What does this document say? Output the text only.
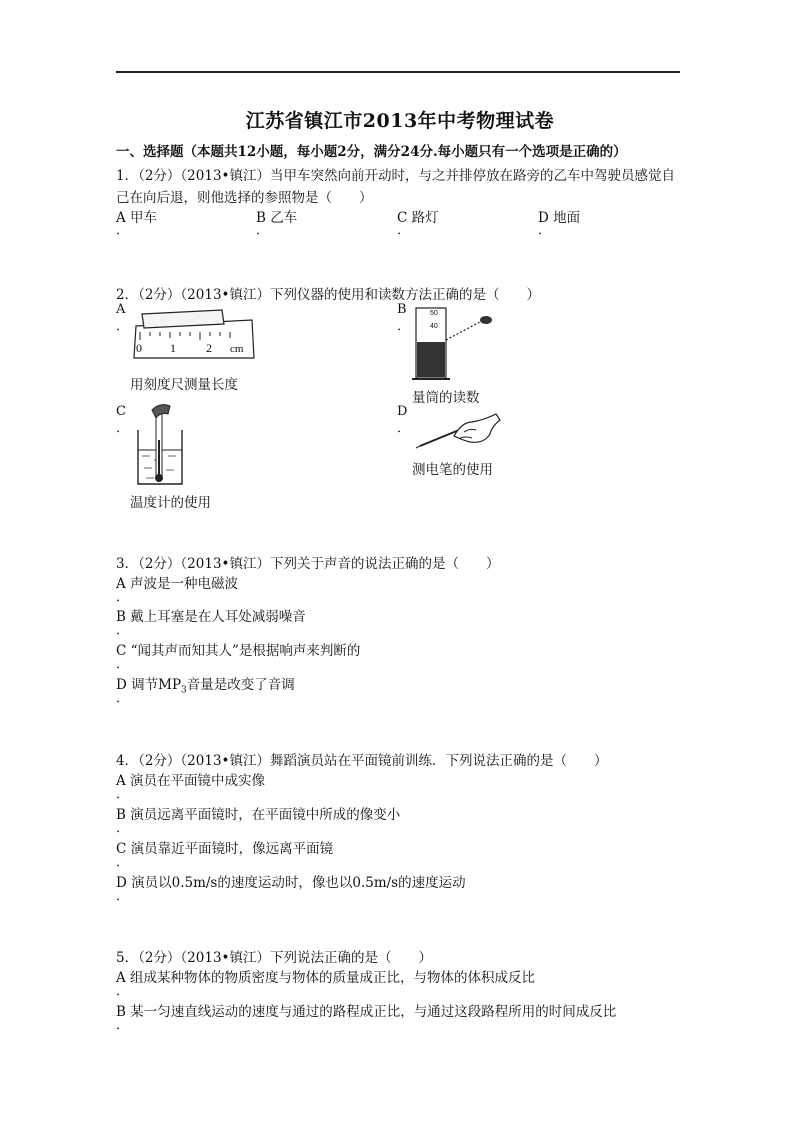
江苏省镇江市2013年中考物理试卷
一、选择题（本题共12小题，每小题2分，满分24分.每小题只有一个选项是正确的）
1．（2分）（2013•镇江）当甲车突然向前开动时，与之并排停放在路旁的乙车中驾驶员感觉自
己在向后退，则他选择的参照物是（　　）
A 甲车	B 乙车	C 路灯	D 地面
．	．	．	．
2．（2分）（2013•镇江）下列仪器的使用和读数方法正确的是（　　）
A
．
0 1	2 cm
用刻度尺测量长度
B
．
50
40
30
量筒的读数
C
．
温度计的使用
D
．
测电笔的使用
3．（2分）（2013•镇江）下列关于声音的说法正确的是（　　）
A 声波是一种电磁波
．
B 戴上耳塞是在人耳处减弱噪音
．
C “闻其声而知其人”是根据响声来判断的
．
D 调节$MP_3$音量是改变了音调
．
4．（2分）（2013•镇江）舞蹈演员站在平面镜前训练．下列说法正确的是（　　）
A 演员在平面镜中成实像
．
B 演员远离平面镜时，在平面镜中所成的像变小
．
C 演员靠近平面镜时，像远离平面镜
．
D 演员以0.5m/s的速度运动时，像也以0.5m/s的速度运动
．
5．（2分）（2013•镇江）下列说法正确的是（　　）
A 组成某种物体的物质密度与物体的质量成正比，与物体的体积成反比
．
B 某一匀速直线运动的速度与通过的路程成正比，与通过这段路程所用的时间成反比
．
